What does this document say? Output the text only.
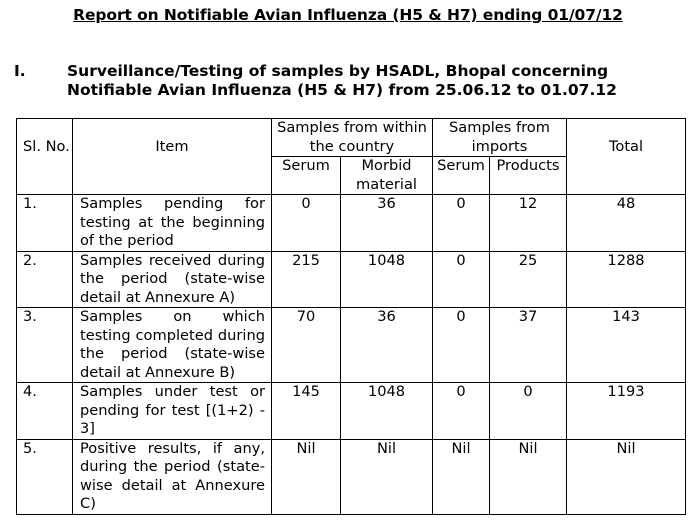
Report on Notifiable Avian Influenza (H5 & H7) ending 01/07/12
I.	Surveillance/Testing of samples by HSADL, Bhopal concerning Notifiable Avian Influenza (H5 & H7) from 25.06.12 to 01.07.12
Sl. No.	Item	Samples from within the country		Samples from imports		Total
		Serum	Morbid material	Serum	Products	
1.	Samples pending for testing at the beginning of the period	0	36	0	12	48
2.	Samples received during the period (state-wise detail at Annexure A)	215	1048	0	25	1288
3.	Samples on which testing completed during the period (state-wise detail at Annexure B)	70	36	0	37	143
4.	Samples under test or pending for test [(1+2) - 3]	145	1048	0	0	1193
5.	Positive results, if any, during the period (state-wise detail at Annexure C)	Nil	Nil	Nil	Nil	Nil
